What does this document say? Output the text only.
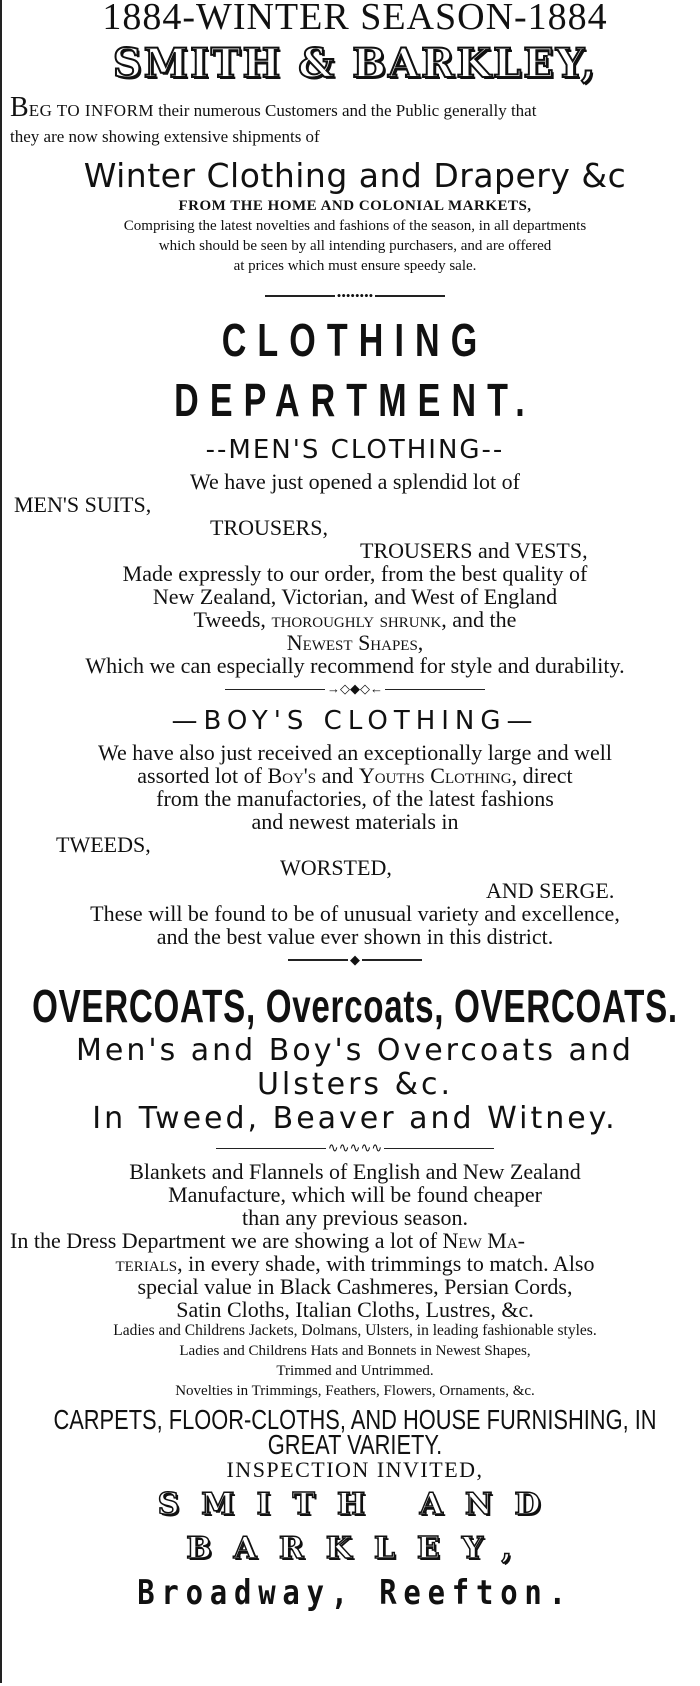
1884-WINTER SEASON-1884
SMITH & BARKLEY,
BEG TO INFORM their numerous Customers and the Public generally that
they are now showing extensive shipments of
Winter Clothing and Drapery &c
FROM THE HOME AND COLONIAL MARKETS,
Comprising the latest novelties and fashions of the season, in all departments
which should be seen by all intending purchasers, and are offered
at prices which must ensure speedy sale.
••••••••
CLOTHING DEPARTMENT.
--MEN'S CLOTHING--
We have just opened a splendid lot of
MEN'S SUITS,
TROUSERS,
TROUSERS and VESTS,
Made expressly to our order, from the best quality of
New Zealand, Victorian, and West of England
Tweeds, thoroughly shrunk, and the
Newest Shapes,
Which we can especially recommend for style and durability.
→◇◆◇←
—BOY'S CLOTHING—
We have also just received an exceptionally large and well
assorted lot of Boy's and Youths Clothing, direct
from the manufactories, of the latest fashions
and newest materials in
TWEEDS,
WORSTED,
AND SERGE.
These will be found to be of unusual variety and excellence,
and the best value ever shown in this district.
◆
OVERCOATS, Overcoats, OVERCOATS.
Men's and Boy's Overcoats and
Ulsters &c.
In Tweed, Beaver and Witney.
∿∿∿∿∿
Blankets and Flannels of English and New Zealand
Manufacture, which will be found cheaper
than any previous season.
In the Dress Department we are showing a lot of New Ma-
terials, in every shade, with trimmings to match. Also
special value in Black Cashmeres, Persian Cords,
Satin Cloths, Italian Cloths, Lustres, &c.
Ladies and Childrens Jackets, Dolmans, Ulsters, in leading fashionable styles.
Ladies and Childrens Hats and Bonnets in Newest Shapes,
Trimmed and Untrimmed.
Novelties in Trimmings, Feathers, Flowers, Ornaments, &c.
CARPETS, FLOOR-CLOTHS, AND HOUSE FURNISHING, IN
GREAT VARIETY.
INSPECTION INVITED,
SMITH AND BARKLEY,
Broadway, Reefton.
